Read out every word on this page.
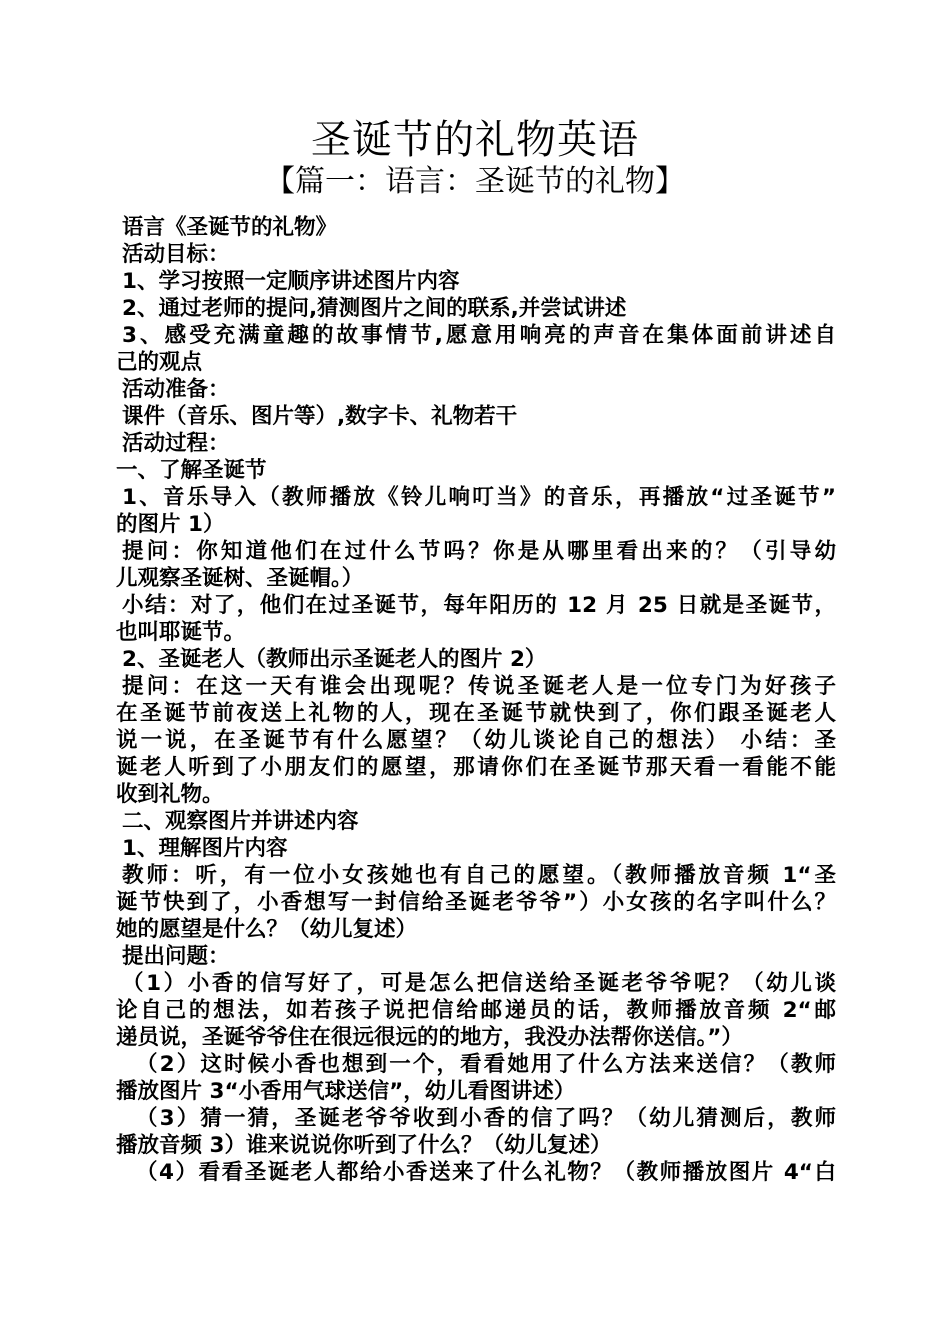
圣诞节的礼物英语
【篇一：语言：圣诞节的礼物】
语言《圣诞节的礼物》
活动目标：
1、学习按照一定顺序讲述图片内容
2、通过老师的提问,猜测图片之间的联系,并尝试讲述
3、感受充满童趣的故事情节,愿意用响亮的声音在集体面前讲述自
己的观点
活动准备：
课件（音乐、图片等）,数字卡、礼物若干
活动过程：
一、了解圣诞节
1、音乐导入（教师播放《铃儿响叮当》的音乐，再播放“过圣诞节”
的图片 1）
提问：你知道他们在过什么节吗？你是从哪里看出来的？（引导幼
儿观察圣诞树、圣诞帽。）
小结：对了，他们在过圣诞节，每年阳历的 12 月 25 日就是圣诞节，
也叫耶诞节。
2、圣诞老人（教师出示圣诞老人的图片 2）
提问：在这一天有谁会出现呢？传说圣诞老人是一位专门为好孩子
在圣诞节前夜送上礼物的人，现在圣诞节就快到了，你们跟圣诞老人
说一说，在圣诞节有什么愿望？（幼儿谈论自己的想法） 小结：圣
诞老人听到了小朋友们的愿望，那请你们在圣诞节那天看一看能不能
收到礼物。
二、观察图片并讲述内容
1、理解图片内容
教师：听，有一位小女孩她也有自己的愿望。（教师播放音频 1“圣
诞节快到了，小香想写一封信给圣诞老爷爷”）小女孩的名字叫什么？
她的愿望是什么？（幼儿复述）
提出问题：
（1）小香的信写好了，可是怎么把信送给圣诞老爷爷呢？（幼儿谈
论自己的想法，如若孩子说把信给邮递员的话，教师播放音频 2“邮
递员说，圣诞爷爷住在很远很远的的地方，我没办法帮你送信。”）
（2）这时候小香也想到一个，看看她用了什么方法来送信？（教师
播放图片 3“小香用气球送信”，幼儿看图讲述）
（3）猜一猜，圣诞老爷爷收到小香的信了吗？（幼儿猜测后，教师
播放音频 3）谁来说说你听到了什么？（幼儿复述）
（4）看看圣诞老人都给小香送来了什么礼物？（教师播放图片 4“白
